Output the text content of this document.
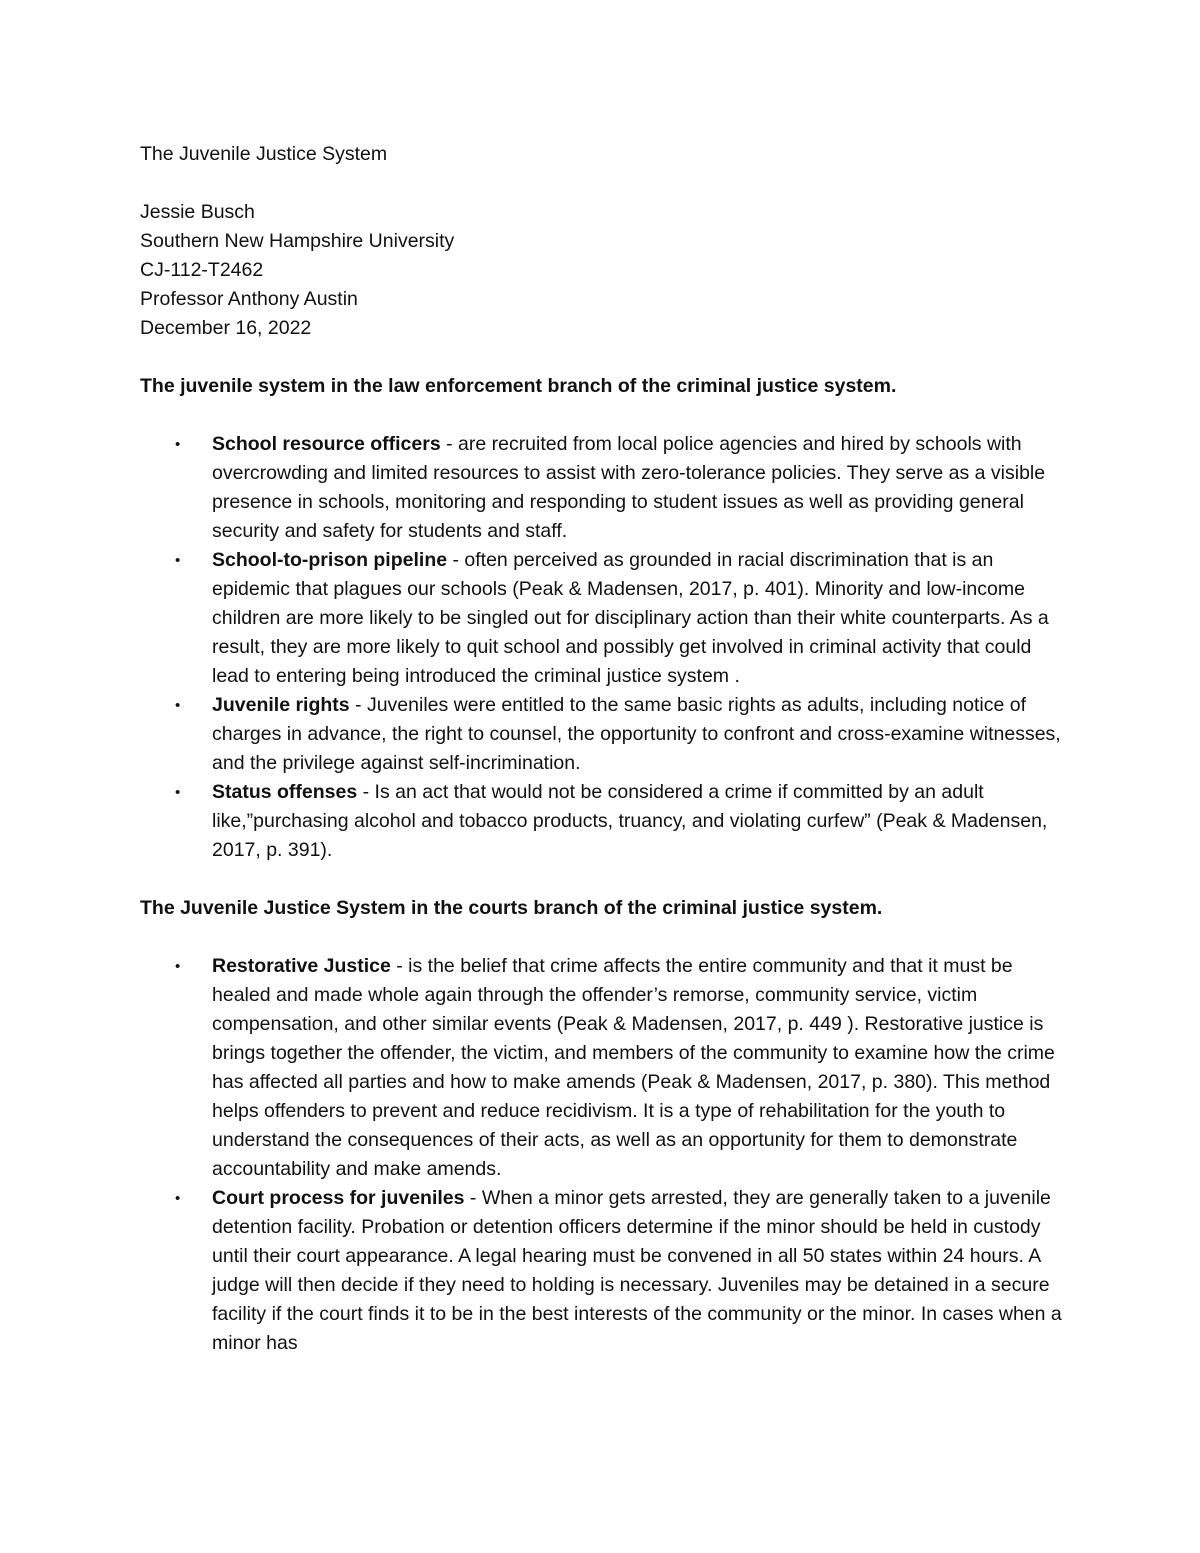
The Juvenile Justice System

Jessie Busch

Southern New Hampshire University

CJ-112-T2462

Professor Anthony Austin

December 16, 2022

The juvenile system in the law enforcement branch of the criminal justice system.

• School resource officers - are recruited from local police agencies and hired by schools with overcrowding and limited resources to assist with zero-tolerance policies. They serve as a visible presence in schools, monitoring and responding to student issues as well as providing general security and safety for students and staff.
• School-to-prison pipeline - often perceived as grounded in racial discrimination that is an epidemic that plagues our schools (Peak & Madensen, 2017, p. 401). Minority and low-income children are more likely to be singled out for disciplinary action than their white counterparts. As a result, they are more likely to quit school and possibly get involved in criminal activity that could lead to entering being introduced the criminal justice system .
• Juvenile rights - Juveniles were entitled to the same basic rights as adults, including notice of charges in advance, the right to counsel, the opportunity to confront and cross-examine witnesses, and the privilege against self-incrimination.
• Status offenses - Is an act that would not be considered a crime if committed by an adult like,”purchasing alcohol and tobacco products, truancy, and violating curfew” (Peak & Madensen, 2017, p. 391).

The Juvenile Justice System in the courts branch of the criminal justice system.

• Restorative Justice - is the belief that crime affects the entire community and that it must be healed and made whole again through the offender’s remorse, community service, victim compensation, and other similar events (Peak & Madensen, 2017, p. 449 ). Restorative justice is brings together the offender, the victim, and members of the community to examine how the crime has affected all parties and how to make amends (Peak & Madensen, 2017, p. 380). This method helps offenders to prevent and reduce recidivism. It is a type of rehabilitation for the youth to understand the consequences of their acts, as well as an opportunity for them to demonstrate accountability and make amends.
• Court process for juveniles - When a minor gets arrested, they are generally taken to a juvenile detention facility. Probation or detention officers determine if the minor should be held in custody until their court appearance. A legal hearing must be convened in all 50 states within 24 hours. A judge will then decide if they need to holding is necessary. Juveniles may be detained in a secure facility if the court finds it to be in the best interests of the community or the minor. In cases when a minor has
